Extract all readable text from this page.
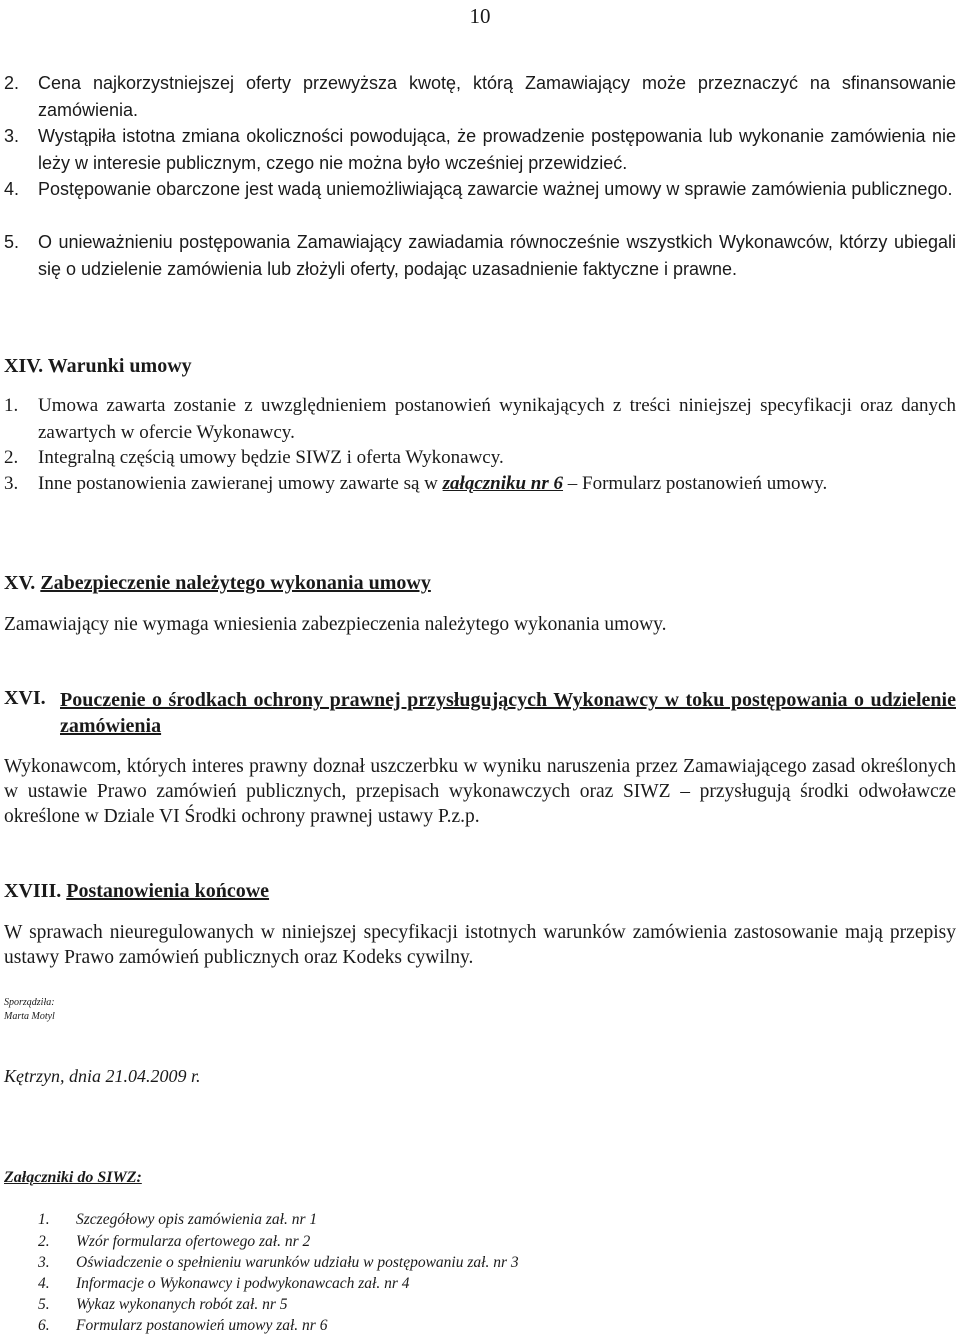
10
2. Cena najkorzystniejszej oferty przewyższa kwotę, którą Zamawiający może przeznaczyć na sfinansowanie zamówienia.
3. Wystąpiła istotna zmiana okoliczności powodująca, że prowadzenie postępowania lub wykonanie zamówienia nie leży w interesie publicznym, czego nie można było wcześniej przewidzieć.
4. Postępowanie obarczone jest wadą uniemożliwiającą zawarcie ważnej umowy w sprawie zamówienia publicznego.
5. O unieważnieniu postępowania Zamawiający zawiadamia równocześnie wszystkich Wykonawców, którzy ubiegali się o udzielenie zamówienia lub złożyli oferty, podając uzasadnienie faktyczne i prawne.
XIV. Warunki umowy
1. Umowa zawarta zostanie z uwzględnieniem postanowień wynikających z treści niniejszej specyfikacji oraz danych zawartych w ofercie Wykonawcy.
2. Integralną częścią umowy będzie SIWZ i oferta Wykonawcy.
3. Inne postanowienia zawieranej umowy zawarte są w załączniku nr 6 – Formularz postanowień umowy.
XV. Zabezpieczenie należytego wykonania umowy
Zamawiający nie wymaga wniesienia zabezpieczenia należytego wykonania umowy.
XVI. Pouczenie o środkach ochrony prawnej przysługujących Wykonawcy w toku postępowania o udzielenie zamówienia
Wykonawcom, których interes prawny doznał uszczerbku w wyniku naruszenia przez Zamawiającego zasad określonych w ustawie Prawo zamówień publicznych, przepisach wykonawczych oraz SIWZ – przysługują środki odwoławcze określone w Dziale VI Środki ochrony prawnej ustawy P.z.p.
XVIII. Postanowienia końcowe
W sprawach nieuregulowanych w niniejszej specyfikacji istotnych warunków zamówienia zastosowanie mają przepisy ustawy Prawo zamówień publicznych oraz Kodeks cywilny.
Sporządziła:
Marta Motyl
Kętrzyn, dnia 21.04.2009 r.
Załączniki do SIWZ:
1. Szczegółowy opis zamówienia zał. nr 1
2. Wzór formularza ofertowego zał. nr 2
3. Oświadczenie o spełnieniu warunków udziału w postępowaniu zał. nr 3
4. Informacje o Wykonawcy i podwykonawcach zał. nr 4
5. Wykaz wykonanych robót zał. nr 5
6. Formularz postanowień umowy zał. nr 6
